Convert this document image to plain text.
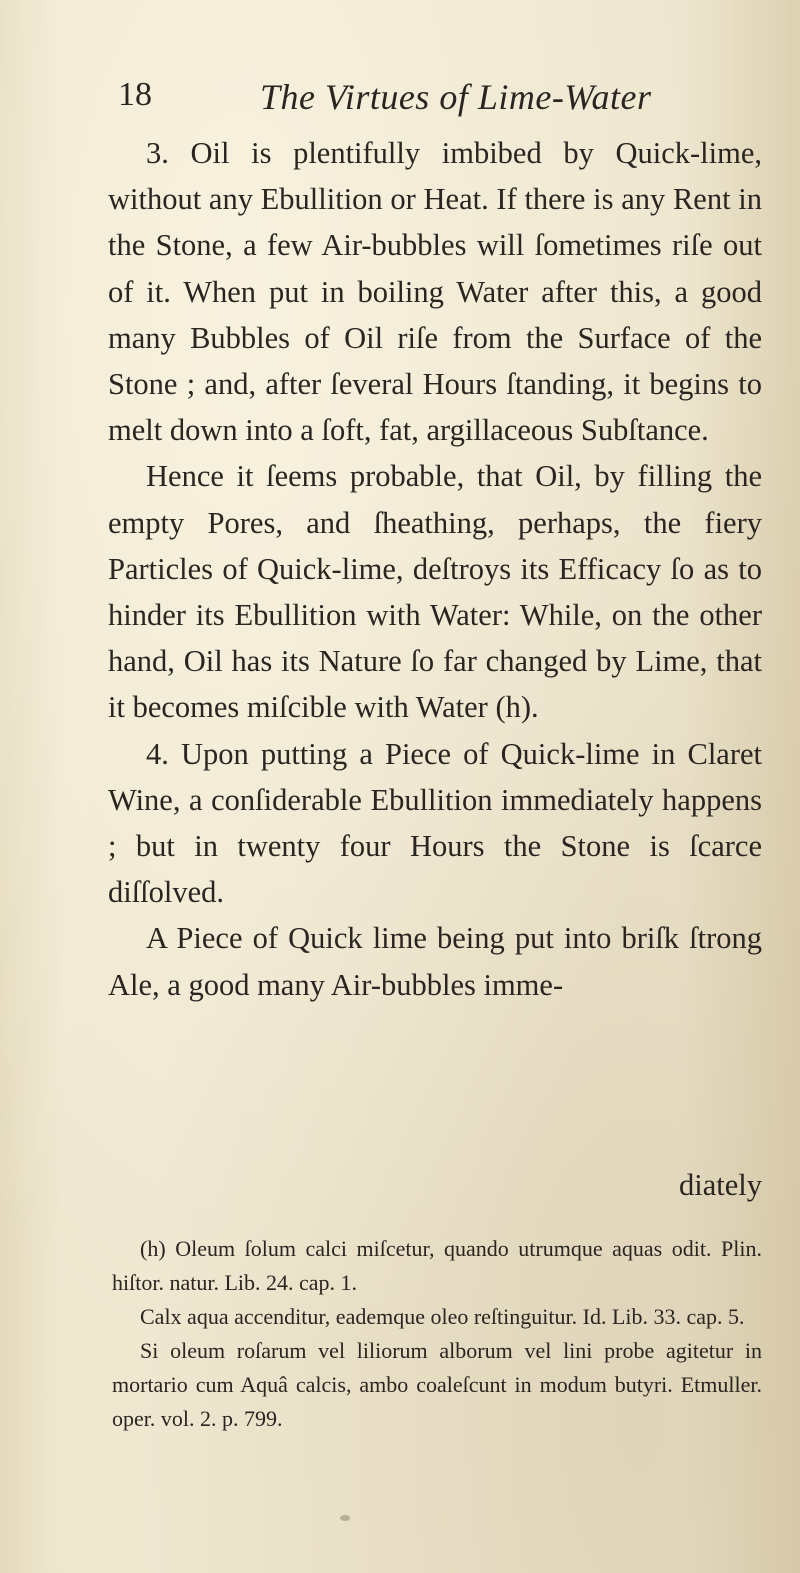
18	The Virtues of Lime-Water

3. Oil is plentifully imbibed by Quick-lime, without any Ebullition or Heat. If there is any Rent in the Stone, a few Air-bubbles will ſometimes riſe out of it. When put in boiling Water after this, a good many Bubbles of Oil riſe from the Surface of the Stone ; and, after ſeveral Hours ſtanding, it begins to melt down into a ſoft, fat, argillaceous Subſtance.

Hence it ſeems probable, that Oil, by filling the empty Pores, and ſheathing, perhaps, the fiery Particles of Quick-lime, deſtroys its Efficacy ſo as to hinder its Ebullition with Water: While, on the other hand, Oil has its Nature ſo far changed by Lime, that it becomes miſcible with Water (h).

4. Upon putting a Piece of Quick-lime in Claret Wine, a conſiderable Ebullition immediately happens ; but in twenty four Hours the Stone is ſcarce diſſolved.

A Piece of Quick lime being put into briſk ſtrong Ale, a good many Air-bubbles imme-

diately

(h) Oleum ſolum calci miſcetur, quando utrumque aquas odit. Plin. hiſtor. natur. Lib. 24. cap. 1.

Calx aqua accenditur, eademque oleo reſtinguitur. Id. Lib. 33. cap. 5.

Si oleum roſarum vel liliorum alborum vel lini probe agitetur in mortario cum Aquâ calcis, ambo coaleſcunt in modum butyri. Etmuller. oper. vol. 2. p. 799.
